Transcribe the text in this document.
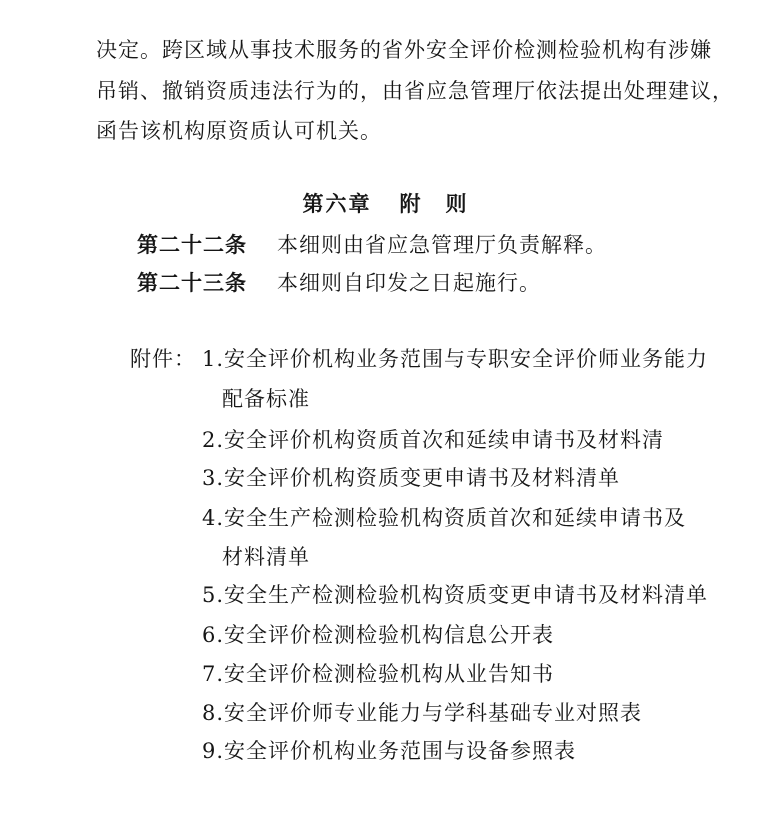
决定。跨区域从事技术服务的省外安全评价检测检验机构有涉嫌
吊销、撤销资质违法行为的，由省应急管理厅依法提出处理建议，
函告该机构原资质认可机关。
第六章 附　则
第二十二条 本细则由省应急管理厅负责解释。
第二十三条 本细则自印发之日起施行。
附件： 1.安全评价机构业务范围与专职安全评价师业务能力
配备标准
2.安全评价机构资质首次和延续申请书及材料清
3.安全评价机构资质变更申请书及材料清单
4.安全生产检测检验机构资质首次和延续申请书及
材料清单
5.安全生产检测检验机构资质变更申请书及材料清单
6.安全评价检测检验机构信息公开表
7.安全评价检测检验机构从业告知书
8.安全评价师专业能力与学科基础专业对照表
9.安全评价机构业务范围与设备参照表
